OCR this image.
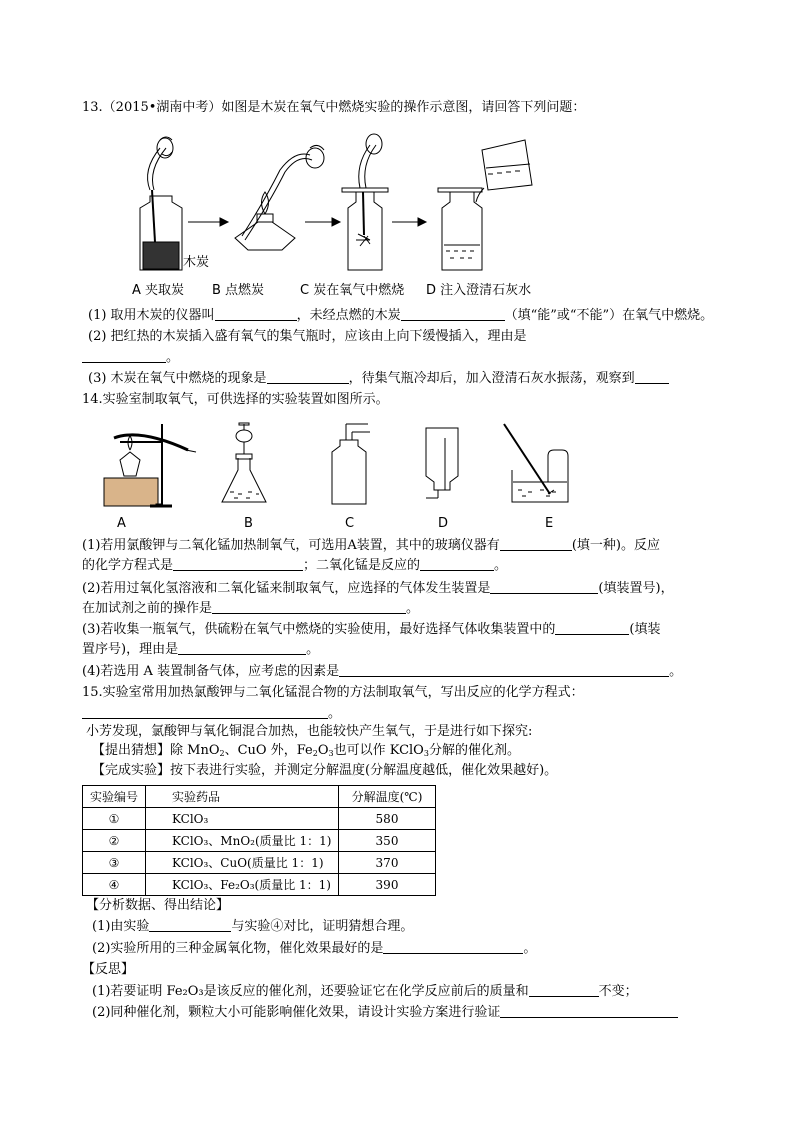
13.（2015•湖南中考）如图是木炭在氧气中燃烧实验的操作示意图，请回答下列问题：
木炭
A 夹取炭 B 点燃炭	C 炭在氧气中燃烧 D 注入澄清石灰水
(1) 取用木炭的仪器叫	，未经点燃的木炭	（填“能”或“不能”）在氧气中燃烧。
(2) 把红热的木炭插入盛有氧气的集气瓶时，应该由上向下缓慢插入，理由是
。
(3) 木炭在氧气中燃烧的现象是	，待集气瓶冷却后，加入澄清石灰水振荡，观察到
14.实验室制取氧气，可供选择的实验装置如图所示。
A	B	C	D	E
(1)若用氯酸钾与二氧化锰加热制氧气，可选用A装置，其中的玻璃仪器有	(填一种)。反应
的化学方程式是	；二氧化锰是反应的	。
(2)若用过氧化氢溶液和二氧化锰来制取氧气，应选择的气体发生装置是	(填装置号)，
在加试剂之前的操作是	。
(3)若收集一瓶氧气，供硫粉在氧气中燃烧的实验使用，最好选择气体收集装置中的	(填装
置序号)，理由是	。
(4)若选用 A 装置制备气体，应考虑的因素是	。
15.实验室常用加热氯酸钾与二氧化锰混合物的方法制取氧气，写出反应的化学方程式：
。
小芳发现，氯酸钾与氧化铜混合加热，也能较快产生氧气，于是进行如下探究:
【提出猜想】除 MnO$_2$、CuO 外，$Fe_2O_3$也可以作 KClO$_3$分解的催化剂。
【完成实验】按下表进行实验，并测定分解温度(分解温度越低，催化效果越好)。
实验编号	实验药品	分解温度(℃)
①	KClO₃	580
②	KClO₃、MnO₂(质量比 1：1)	350
③	KClO₃、CuO(质量比 1：1)	370
④	KClO₃、Fe₂O₃(质量比 1：1)	390
【分析数据、得出结论】
(1)由实验	与实验④对比，证明猜想合理。
(2)实验所用的三种金属氧化物，催化效果最好的是	。
【反思】
(1)若要证明 Fe₂O₃是该反应的催化剂，还要验证它在化学反应前后的质量和	不变；
(2)同种催化剂，颗粒大小可能影响催化效果，请设计实验方案进行验证
